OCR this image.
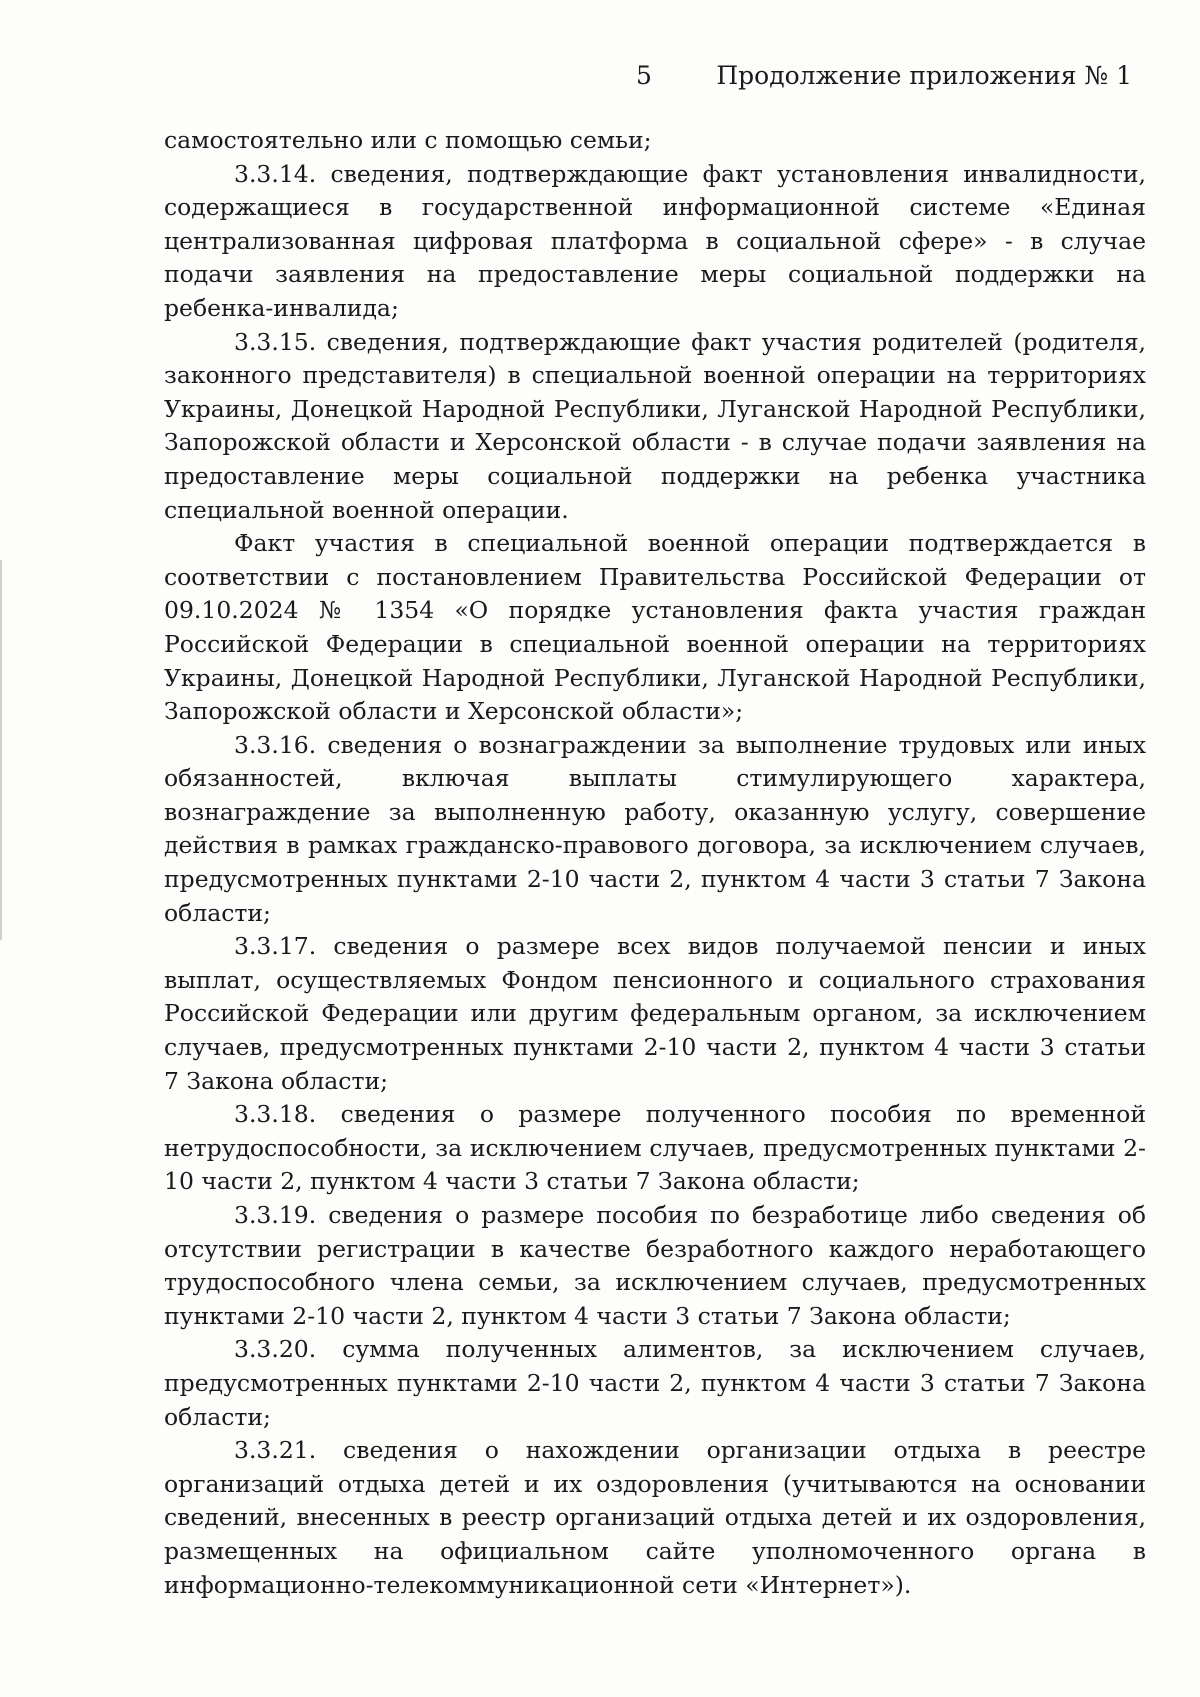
5	Продолжение приложения № 1

самостоятельно или с помощью семьи;

3.3.14. сведения, подтверждающие факт установления инвалидности, содержащиеся в государственной информационной системе «Единая централизованная цифровая платформа в социальной сфере» - в случае подачи заявления на предоставление меры социальной поддержки на ребенка-инвалида;

3.3.15. сведения, подтверждающие факт участия родителей (родителя, законного представителя) в специальной военной операции на территориях Украины, Донецкой Народной Республики, Луганской Народной Республики, Запорожской области и Херсонской области - в случае подачи заявления на предоставление меры социальной поддержки на ребенка участника специальной военной операции.

Факт участия в специальной военной операции подтверждается в соответствии с постановлением Правительства Российской Федерации от 09.10.2024 № 1354 «О порядке установления факта участия граждан Российской Федерации в специальной военной операции на территориях Украины, Донецкой Народной Республики, Луганской Народной Республики, Запорожской области и Херсонской области»;

3.3.16. сведения о вознаграждении за выполнение трудовых или иных обязанностей, включая выплаты стимулирующего характера, вознаграждение за выполненную работу, оказанную услугу, совершение действия в рамках гражданско-правового договора, за исключением случаев, предусмотренных пунктами 2-10 части 2, пунктом 4 части 3 статьи 7 Закона области;

3.3.17. сведения о размере всех видов получаемой пенсии и иных выплат, осуществляемых Фондом пенсионного и социального страхования Российской Федерации или другим федеральным органом, за исключением случаев, предусмотренных пунктами 2-10 части 2, пунктом 4 части 3 статьи 7 Закона области;

3.3.18. сведения о размере полученного пособия по временной нетрудоспособности, за исключением случаев, предусмотренных пунктами 2-10 части 2, пунктом 4 части 3 статьи 7 Закона области;

3.3.19. сведения о размере пособия по безработице либо сведения об отсутствии регистрации в качестве безработного каждого неработающего трудоспособного члена семьи, за исключением случаев, предусмотренных пунктами 2-10 части 2, пунктом 4 части 3 статьи 7 Закона области;

3.3.20. сумма полученных алиментов, за исключением случаев, предусмотренных пунктами 2-10 части 2, пунктом 4 части 3 статьи 7 Закона области;

3.3.21. сведения о нахождении организации отдыха в реестре организаций отдыха детей и их оздоровления (учитываются на основании сведений, внесенных в реестр организаций отдыха детей и их оздоровления, размещенных на официальном сайте уполномоченного органа в информационно-телекоммуникационной сети «Интернет»).
